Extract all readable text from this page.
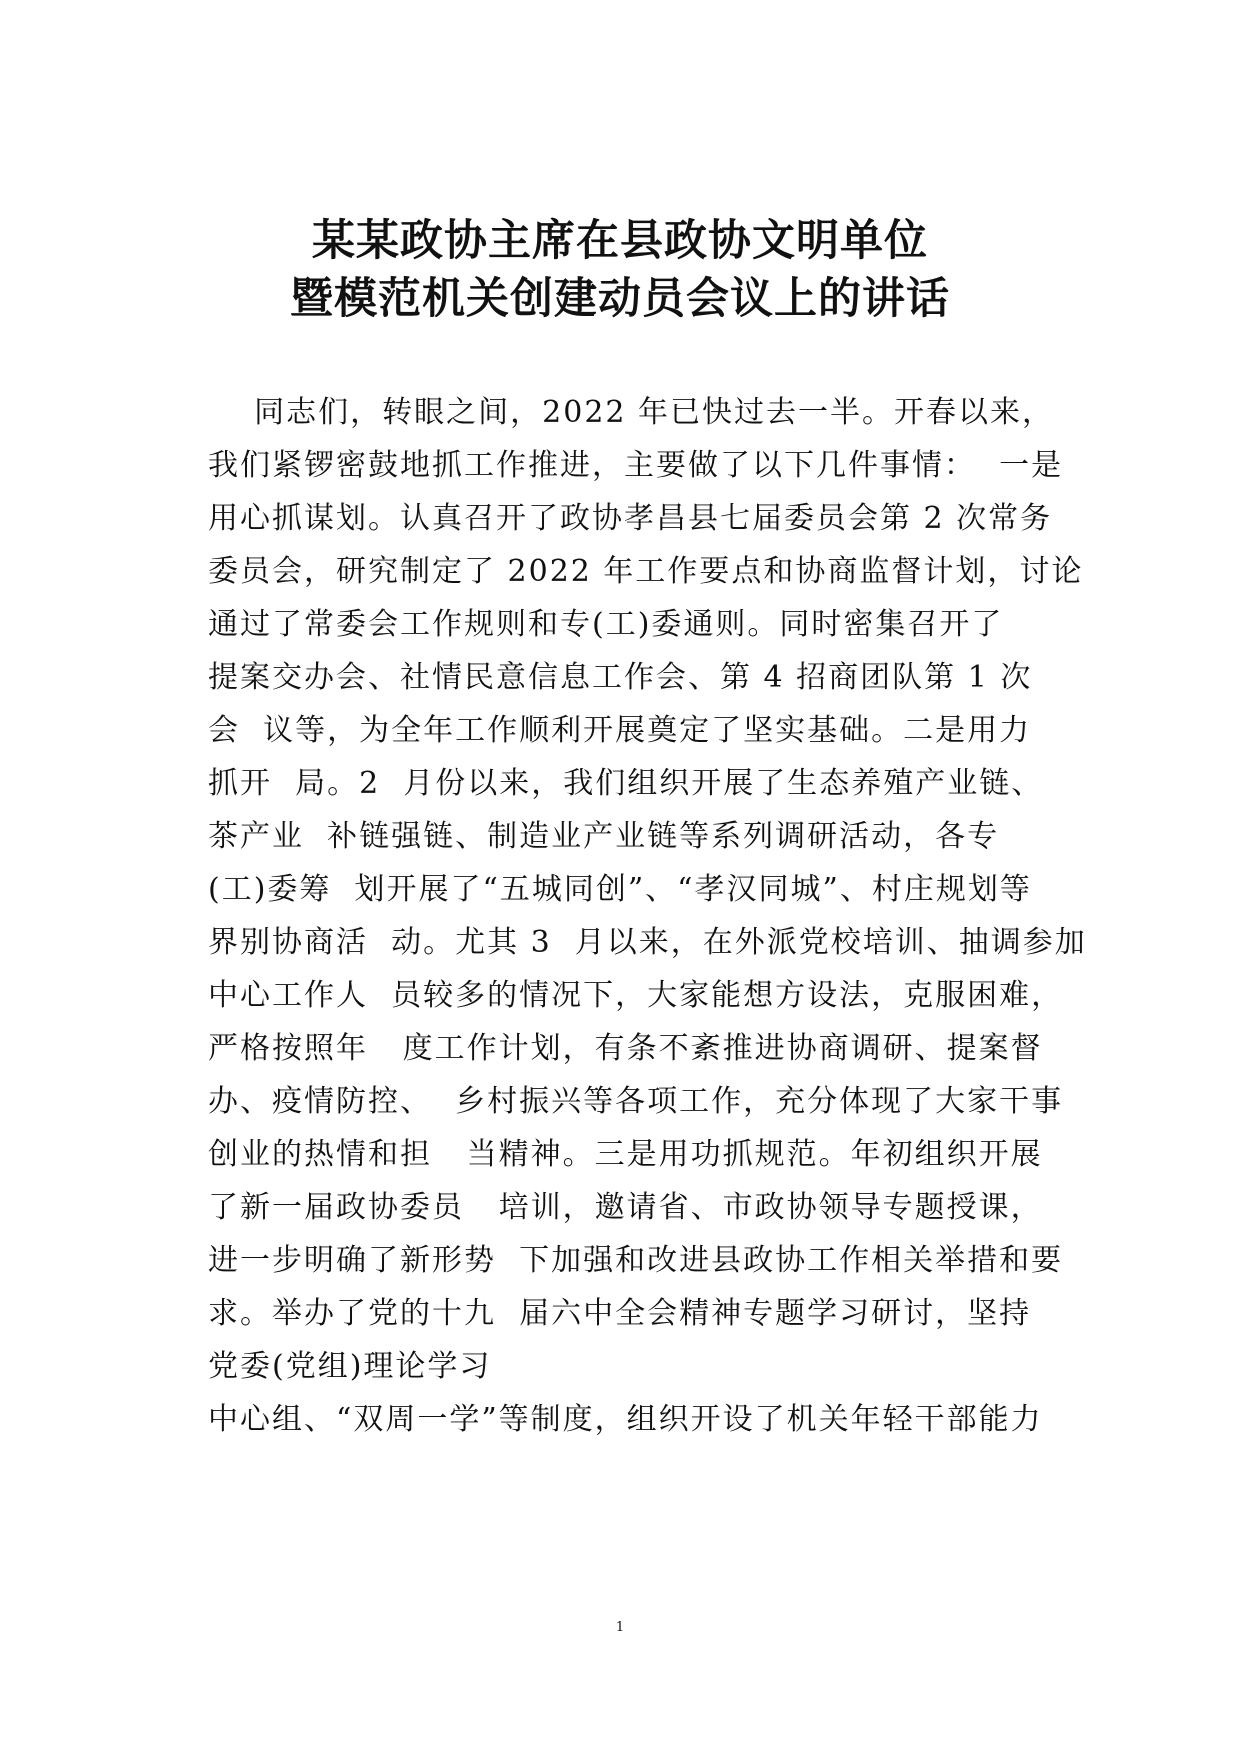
某某政协主席在县政协文明单位
暨模范机关创建动员会议上的讲话
同志们，转眼之间，2022 年已快过去一半。开春以来，
我们紧锣密鼓地抓工作推进，主要做了以下几件事情：  一是
用心抓谋划。认真召开了政协孝昌县七届委员会第 2 次常务
委员会，研究制定了 2022 年工作要点和协商监督计划，讨论
通过了常委会工作规则和专(工)委通则。同时密集召开了
提案交办会、社情民意信息工作会、第 4 招商团队第 1 次
会  议等，为全年工作顺利开展奠定了坚实基础。二是用力
抓开  局。2  月份以来，我们组织开展了生态养殖产业链、
茶产业  补链强链、制造业产业链等系列调研活动，各专
(工)委筹  划开展了“五城同创”、“孝汉同城”、村庄规划等
界别协商活  动。尤其 3  月以来，在外派党校培训、抽调参加
中心工作人  员较多的情况下，大家能想方设法，克服困难，
严格按照年   度工作计划，有条不紊推进协商调研、提案督
办、疫情防控、  乡村振兴等各项工作，充分体现了大家干事
创业的热情和担   当精神。三是用功抓规范。年初组织开展
了新一届政协委员   培训，邀请省、市政协领导专题授课，
进一步明确了新形势  下加强和改进县政协工作相关举措和要
求。举办了党的十九  届六中全会精神专题学习研讨，坚持
党委(党组)理论学习
中心组、“双周一学”等制度，组织开设了机关年轻干部能力
1
